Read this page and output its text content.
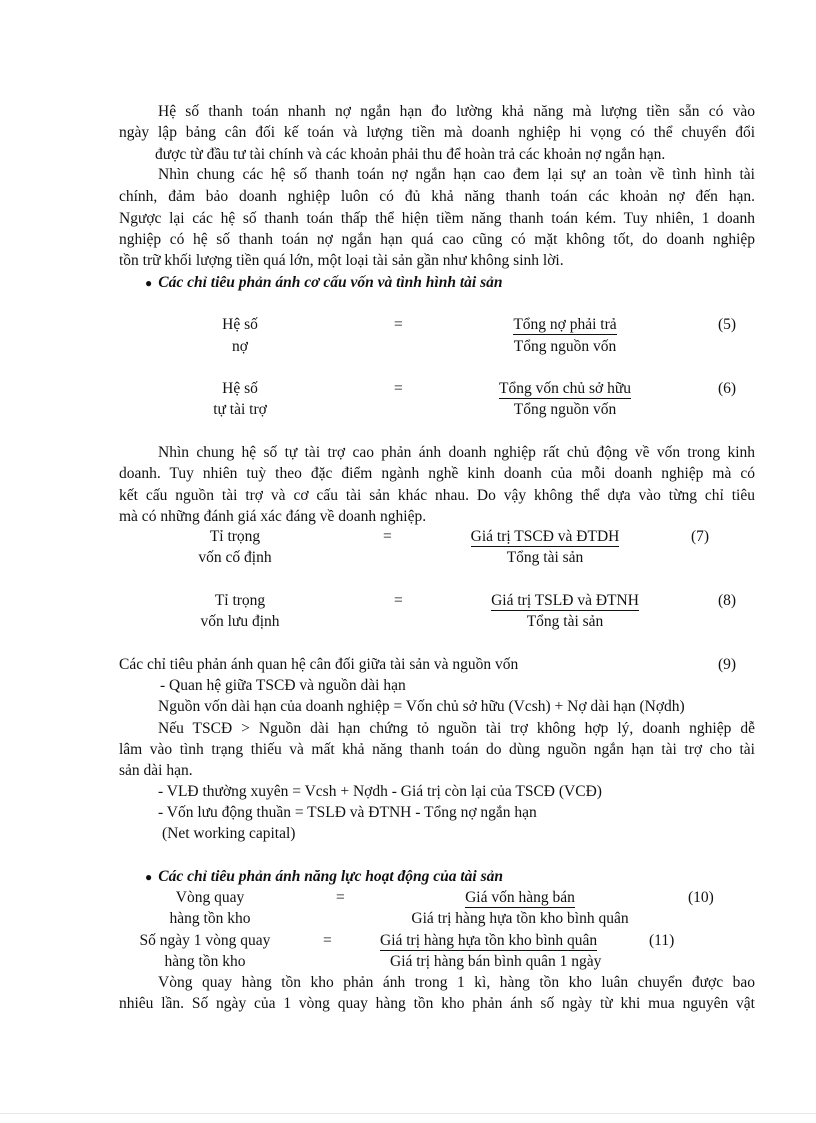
Hệ số thanh toán nhanh nợ ngắn hạn đo lường khả năng mà lượng tiền sẵn có vào
ngày lập bảng cân đối kế toán và lượng tiền mà doanh nghiệp hi vọng có thể chuyển đổi
được từ đầu tư tài chính và các khoản phải thu để hoàn trả các khoản nợ ngắn hạn.
Nhìn chung các hệ số thanh toán nợ ngắn hạn cao đem lại sự an toàn về tình hình tài
chính, đảm bảo doanh nghiệp luôn có đủ khả năng thanh toán các khoản nợ đến hạn.
Ngược lại các hệ số thanh toán thấp thể hiện tiềm năng thanh toán kém. Tuy nhiên, 1 doanh
nghiệp có hệ số thanh toán nợ ngắn hạn quá cao cũng có mặt không tốt, do doanh nghiệp
tồn trữ khối lượng tiền quá lớn, một loại tài sản gần như không sinh lời.
● Các chỉ tiêu phản ánh cơ cấu vốn và tình hình tài sản
Hệ số
nợ
=	Tổng nợ phải trả
Tổng nguồn vốn
(5)
Hệ số
tự tài trợ
=	Tổng vốn chủ sở hữu
Tổng nguồn vốn
(6)
Nhìn chung hệ số tự tài trợ cao phản ánh doanh nghiệp rất chủ động về vốn trong kinh
doanh. Tuy nhiên tuỳ theo đặc điểm ngành nghề kinh doanh của mỗi doanh nghiệp mà có
kết cấu nguồn tài trợ và cơ cấu tài sản khác nhau. Do vậy không thể dựa vào từng chỉ tiêu
mà có những đánh giá xác đáng về doanh nghiệp.
Tỉ trọng
vốn cố định
=	Giá trị TSCĐ và ĐTDH
Tổng tài sản
(7)
Tỉ trọng
vốn lưu định
=	Giá trị TSLĐ và ĐTNH
Tổng tài sản
(8)
Các chỉ tiêu phản ánh quan hệ cân đối giữa tài sản và nguồn vốn	(9)
- Quan hệ giữa TSCĐ và nguồn dài hạn
Nguồn vốn dài hạn của doanh nghiệp = Vốn chủ sở hữu (Vcsh) + Nợ dài hạn (Nợdh)
Nếu TSCĐ > Nguồn dài hạn chứng tỏ nguồn tài trợ không hợp lý, doanh nghiệp dễ
lâm vào tình trạng thiếu và mất khả năng thanh toán do dùng nguồn ngắn hạn tài trợ cho tài
sản dài hạn.
- VLĐ thường xuyên = Vcsh + Nợdh - Giá trị còn lại của TSCĐ (VCĐ)
- Vốn lưu động thuần = TSLĐ và ĐTNH - Tổng nợ ngắn hạn
(Net working capital)
● Các chỉ tiêu phản ánh năng lực hoạt động của tài sản
Vòng quay
hàng tồn kho
=	Giá vốn hàng bán
Giá trị hàng hựa tồn kho bình quân
(10)
Số ngày 1 vòng quay
hàng tồn kho
=	Giá trị hàng hựa tồn kho bình quân
Giá trị hàng bán bình quân 1 ngày
(11)
Vòng quay hàng tồn kho phản ánh trong 1 kì, hàng tồn kho luân chuyển được bao
nhiêu lần. Số ngày của 1 vòng quay hàng tồn kho phản ánh số ngày từ khi mua nguyên vật
